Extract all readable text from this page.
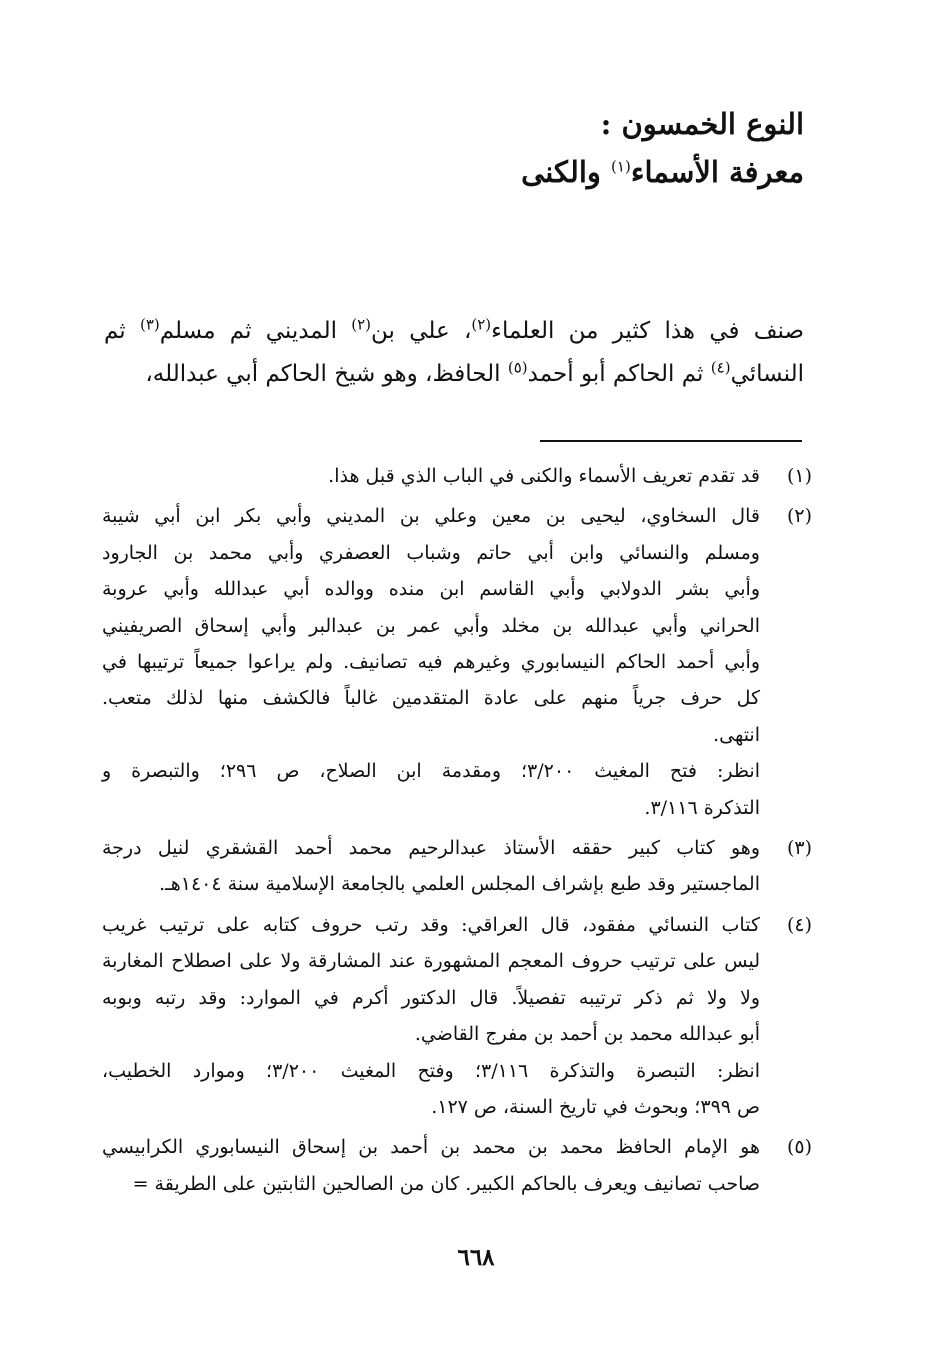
النوع الخمسون :
معرفة الأسماء$^{(١)}$ والكنى
صنف في هذا كثير من العلماء$^{(٢)}$، علي بن$^{(٢)}$ المديني ثم مسلم$^{(٣)}$ ثم النسائي$^{(٤)}$ ثم الحاكم أبو أحمد$^{(٥)}$ الحافظ، وهو شيخ الحاكم أبي عبدالله،
(١)
قد تقدم تعريف الأسماء والكنى في الباب الذي قبل هذا.
(٢)
قال السخاوي، ليحيى بن معين وعلي بن المديني وأبي بكر ابن أبي شيبة
ومسلم والنسائي وابن أبي حاتم وشباب العصفري وأبي محمد بن الجارود
وأبي بشر الدولابي وأبي القاسم ابن منده ووالده أبي عبدالله وأبي عروبة
الحراني وأبي عبدالله بن مخلد وأبي عمر بن عبدالبر وأبي إسحاق الصريفيني
وأبي أحمد الحاكم النيسابوري وغيرهم فيه تصانيف. ولم يراعوا جميعاً ترتيبها في
كل حرف جرياً منهم على عادة المتقدمين غالباً فالكشف منها لذلك متعب.
انتهى.
انظر: فتح المغيث ٣/٢٠٠؛ ومقدمة ابن الصلاح، ص ٢٩٦؛ والتبصرة و
التذكرة ٣/١١٦.
(٣)
وهو كتاب كبير حققه الأستاذ عبدالرحيم محمد أحمد القشقري لنيل درجة
الماجستير وقد طبع بإشراف المجلس العلمي بالجامعة الإسلامية سنة ١٤٠٤هـ.
(٤)
كتاب النسائي مفقود، قال العراقي: وقد رتب حروف كتابه على ترتيب غريب
ليس على ترتيب حروف المعجم المشهورة عند المشارقة ولا على اصطلاح المغاربة
ولا ولا ثم ذكر ترتيبه تفصيلاً. قال الدكتور أكرم في الموارد: وقد رتبه وبوبه
أبو عبدالله محمد بن أحمد بن مفرج القاضي.
انظر: التبصرة والتذكرة ٣/١١٦؛ وفتح المغيث ٣/٢٠٠؛ وموارد الخطيب،
ص ٣٩٩؛ وبحوث في تاريخ السنة، ص ١٢٧.
(٥)
هو الإمام الحافظ محمد بن محمد بن أحمد بن إسحاق النيسابوري الكرابيسي
صاحب تصانيف ويعرف بالحاكم الكبير. كان من الصالحين الثابتين على الطريقة =
٦٦٨
